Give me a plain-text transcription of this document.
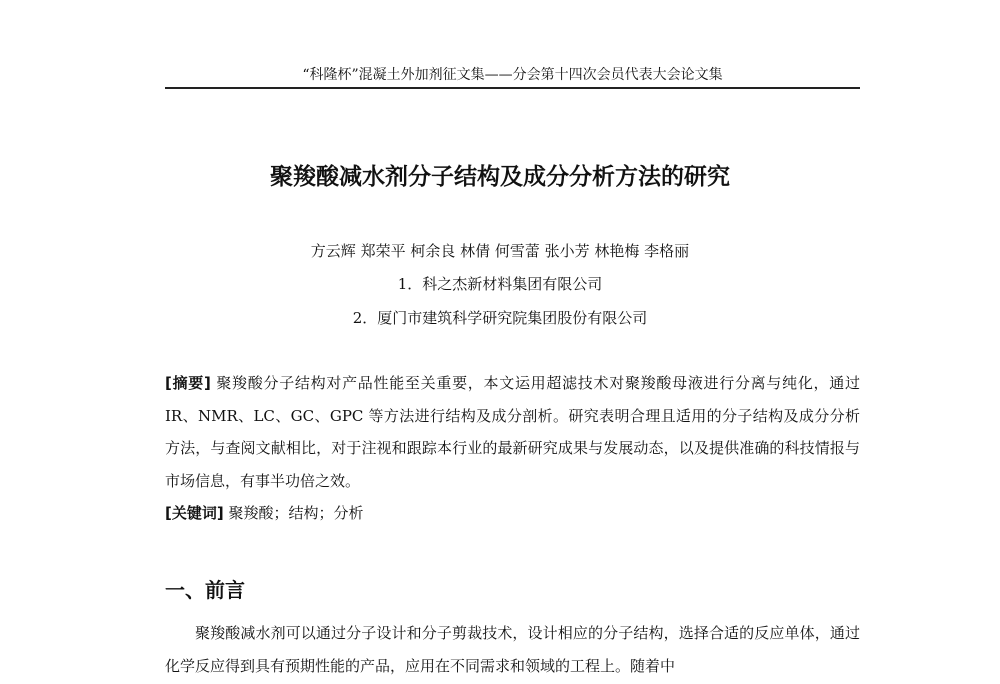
“科隆杯”混凝土外加剂征文集——分会第十四次会员代表大会论文集
聚羧酸减水剂分子结构及成分分析方法的研究
方云辉 郑荣平 柯余良 林倩 何雪蕾 张小芳 林艳梅 李格丽
1．科之杰新材料集团有限公司
2．厦门市建筑科学研究院集团股份有限公司
[摘要] 聚羧酸分子结构对产品性能至关重要，本文运用超滤技术对聚羧酸母液进行分离与纯化，通过 IR、NMR、LC、GC、GPC 等方法进行结构及成分剖析。研究表明合理且适用的分子结构及成分分析方法，与查阅文献相比，对于注视和跟踪本行业的最新研究成果与发展动态，以及提供准确的科技情报与市场信息，有事半功倍之效。
[关键词] 聚羧酸；结构；分析
一、前言
聚羧酸减水剂可以通过分子设计和分子剪裁技术，设计相应的分子结构，选择合适的反应单体，通过化学反应得到具有预期性能的产品，应用在不同需求和领域的工程上。随着中
